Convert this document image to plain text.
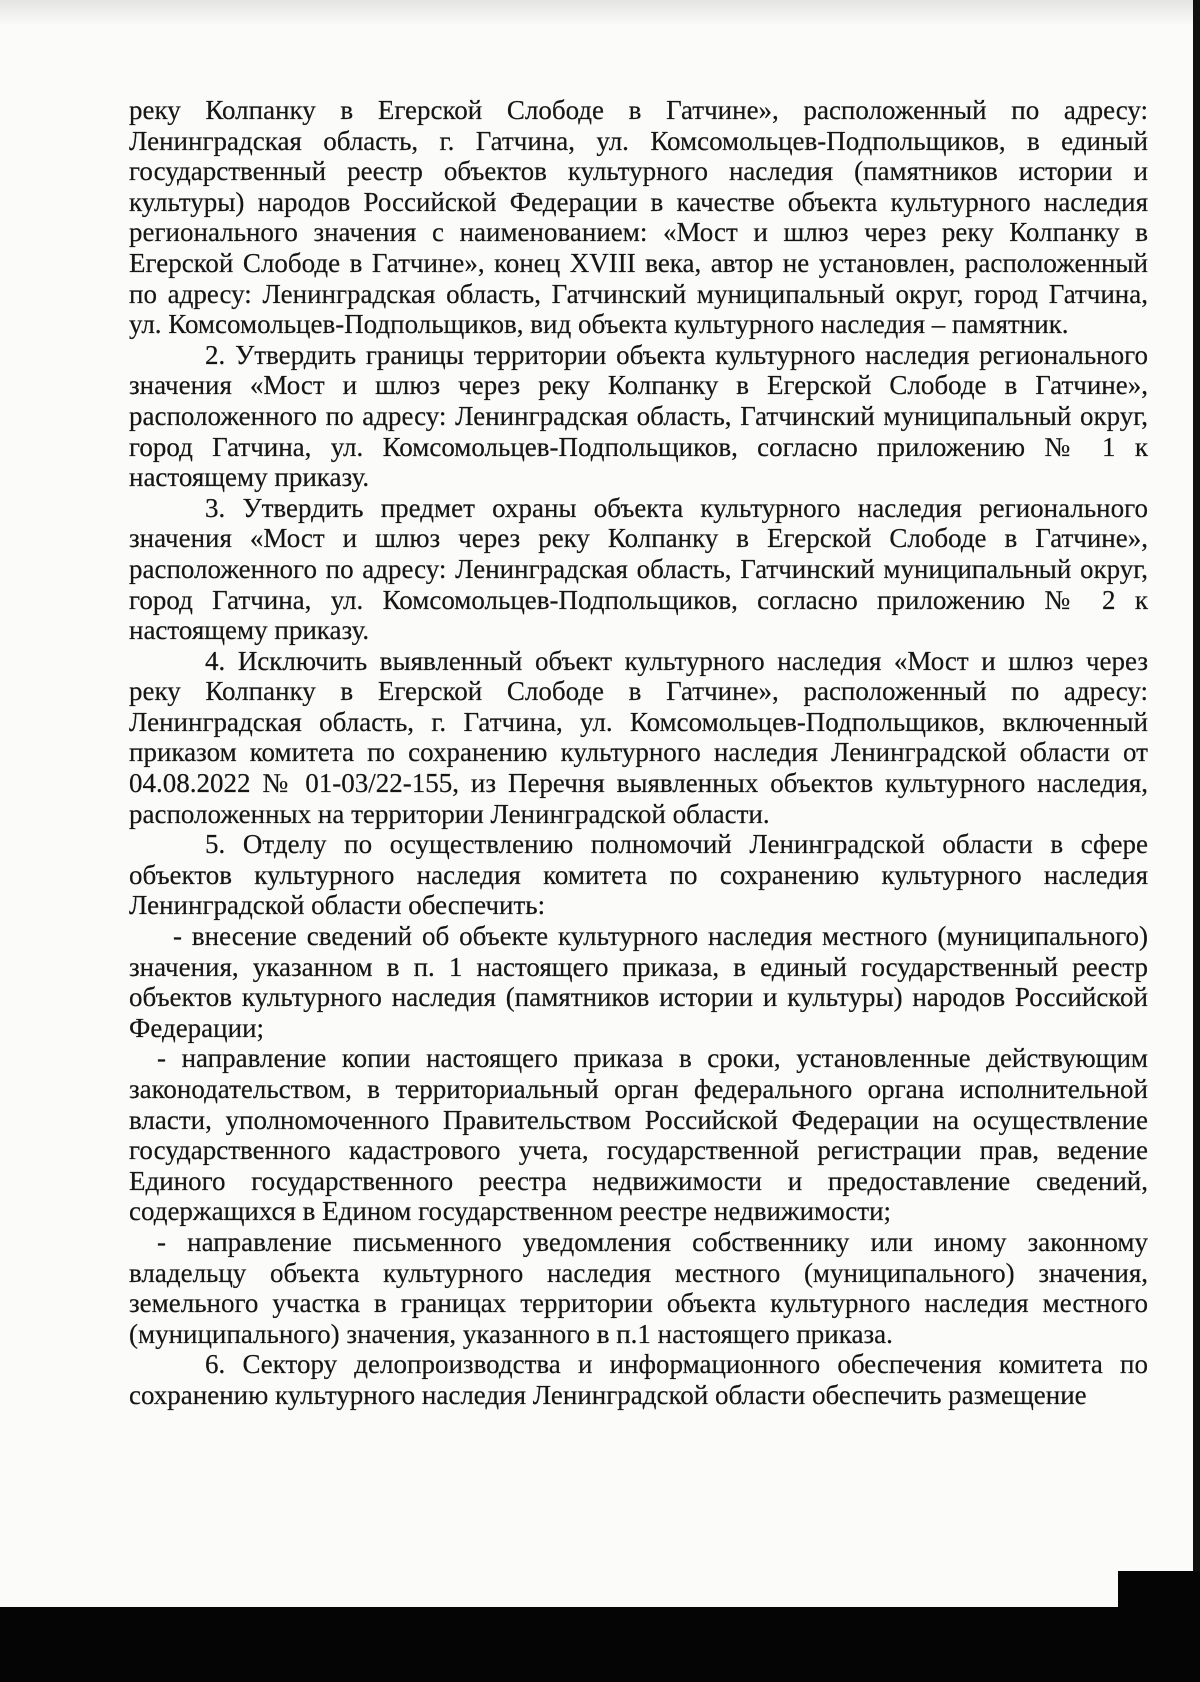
реку Колпанку в Егерской Слободе в Гатчине», расположенный по адресу: Ленинградская область, г. Гатчина, ул. Комсомольцев-Подпольщиков, в единый государственный реестр объектов культурного наследия (памятников истории и культуры) народов Российской Федерации в качестве объекта культурного наследия регионального значения с наименованием: «Мост и шлюз через реку Колпанку в Егерской Слободе в Гатчине», конец XVIII века, автор не установлен, расположенный по адресу: Ленинградская область, Гатчинский муниципальный округ, город Гатчина, ул. Комсомольцев-Подпольщиков, вид объекта культурного наследия – памятник.

2. Утвердить границы территории объекта культурного наследия регионального значения «Мост и шлюз через реку Колпанку в Егерской Слободе в Гатчине», расположенного по адресу: Ленинградская область, Гатчинский муниципальный округ, город Гатчина, ул. Комсомольцев-Подпольщиков, согласно приложению № 1 к настоящему приказу.

3. Утвердить предмет охраны объекта культурного наследия регионального значения «Мост и шлюз через реку Колпанку в Егерской Слободе в Гатчине», расположенного по адресу: Ленинградская область, Гатчинский муниципальный округ, город Гатчина, ул. Комсомольцев-Подпольщиков, согласно приложению № 2 к настоящему приказу.

4. Исключить выявленный объект культурного наследия «Мост и шлюз через реку Колпанку в Егерской Слободе в Гатчине», расположенный по адресу: Ленинградская область, г. Гатчина, ул. Комсомольцев-Подпольщиков, включенный приказом комитета по сохранению культурного наследия Ленинградской области от 04.08.2022 № 01-03/22-155, из Перечня выявленных объектов культурного наследия, расположенных на территории Ленинградской области.

5. Отделу по осуществлению полномочий Ленинградской области в сфере объектов культурного наследия комитета по сохранению культурного наследия Ленинградской области обеспечить:

- внесение сведений об объекте культурного наследия местного (муниципального) значения, указанном в п. 1 настоящего приказа, в единый государственный реестр объектов культурного наследия (памятников истории и культуры) народов Российской Федерации;

- направление копии настоящего приказа в сроки, установленные действующим законодательством, в территориальный орган федерального органа исполнительной власти, уполномоченного Правительством Российской Федерации на осуществление государственного кадастрового учета, государственной регистрации прав, ведение Единого государственного реестра недвижимости и предоставление сведений, содержащихся в Едином государственном реестре недвижимости;

- направление письменного уведомления собственнику или иному законному владельцу объекта культурного наследия местного (муниципального) значения, земельного участка в границах территории объекта культурного наследия местного (муниципального) значения, указанного в п.1 настоящего приказа.

6. Сектору делопроизводства и информационного обеспечения комитета по сохранению культурного наследия Ленинградской области обеспечить размещение
